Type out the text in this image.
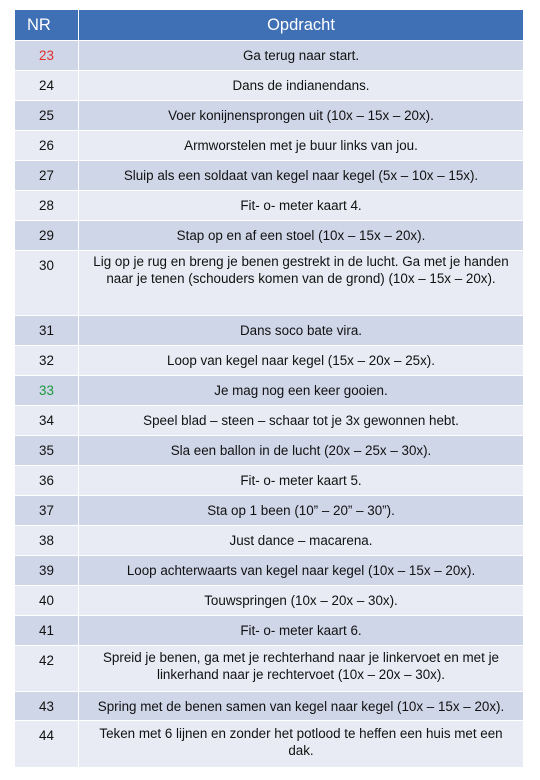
NR	Opdracht
23	Ga terug naar start.
24	Dans de indianendans.
25	Voer konijnensprongen uit (10x – 15x – 20x).
26	Armworstelen met je buur links van jou.
27	Sluip als een soldaat van kegel naar kegel (5x – 10x – 15x).
28	Fit- o- meter kaart 4.
29	Stap op en af een stoel (10x – 15x – 20x).
30	Lig op je rug en breng je benen gestrekt in de lucht. Ga met je handen naar je tenen (schouders komen van de grond) (10x – 15x – 20x).
31	Dans soco bate vira.
32	Loop van kegel naar kegel (15x – 20x – 25x).
33	Je mag nog een keer gooien.
34	Speel blad – steen – schaar tot je 3x gewonnen hebt.
35	Sla een ballon in de lucht (20x – 25x – 30x).
36	Fit- o- meter kaart 5.
37	Sta op 1 been (10” – 20” – 30”).
38	Just dance – macarena.
39	Loop achterwaarts van kegel naar kegel (10x – 15x – 20x).
40	Touwspringen (10x – 20x – 30x).
41	Fit- o- meter kaart 6.
42	Spreid je benen, ga met je rechterhand naar je linkervoet en met je linkerhand naar je rechtervoet (10x – 20x – 30x).
43	Spring met de benen samen van kegel naar kegel (10x – 15x – 20x).
44	Teken met 6 lijnen en zonder het potlood te heffen een huis met een dak.
